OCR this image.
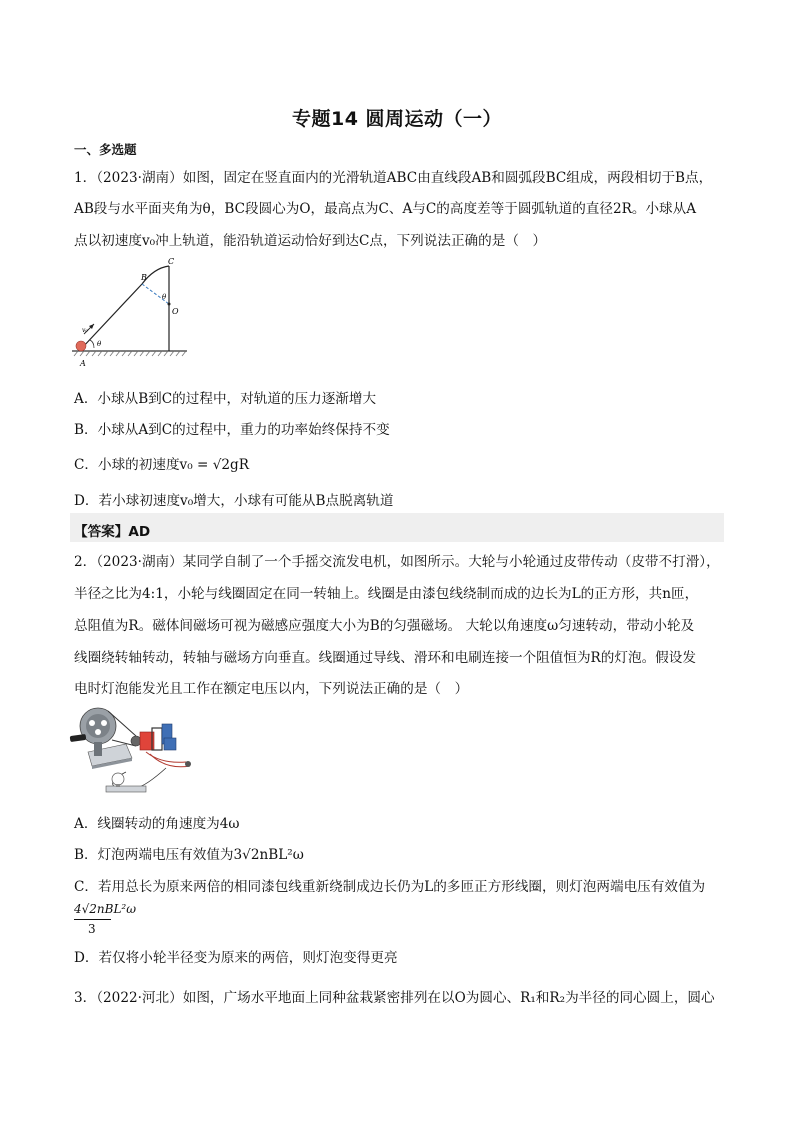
专题14 圆周运动（一）
一、多选题
1．（2023·湖南）如图，固定在竖直面内的光滑轨道ABC由直线段AB和圆弧段BC组成，两段相切于B点，
AB段与水平面夹角为θ，BC段圆心为O，最高点为C、A与C的高度差等于圆弧轨道的直径2R。小球从A
点以初速度v₀冲上轨道，能沿轨道运动恰好到达C点，下列说法正确的是（　）
B
C
O
θ
θ
A
v₀
A．小球从B到C的过程中，对轨道的压力逐渐增大
B．小球从A到C的过程中，重力的功率始终保持不变
C．小球的初速度v₀ = √2gR
D．若小球初速度v₀增大，小球有可能从B点脱离轨道
【答案】AD
2．（2023·湖南）某同学自制了一个手摇交流发电机，如图所示。大轮与小轮通过皮带传动（皮带不打滑），
半径之比为4:1，小轮与线圈固定在同一转轴上。线圈是由漆包线绕制而成的边长为L的正方形，共n匝，
总阻值为R。磁体间磁场可视为磁感应强度大小为B的匀强磁场。 大轮以角速度ω匀速转动，带动小轮及
线圈绕转轴转动，转轴与磁场方向垂直。线圈通过导线、滑环和电刷连接一个阻值恒为R的灯泡。假设发
电时灯泡能发光且工作在额定电压以内，下列说法正确的是（　）
A．线圈转动的角速度为4ω
B．灯泡两端电压有效值为3√2nBL²ω
C．若用总长为原来两倍的相同漆包线重新绕制成边长仍为L的多匝正方形线圈，则灯泡两端电压有效值为
4√2nBL²ω
3
D．若仅将小轮半径变为原来的两倍，则灯泡变得更亮
3．（2022·河北）如图，广场水平地面上同种盆栽紧密排列在以O为圆心、R₁和R₂为半径的同心圆上，圆心
